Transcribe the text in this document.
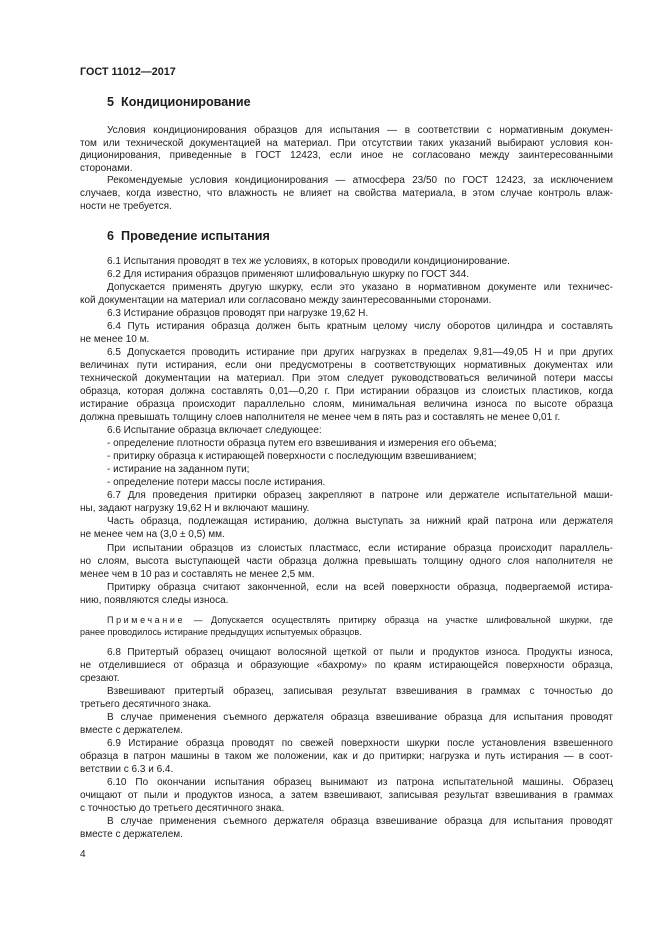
ГОСТ 11012—2017
5 Кондиционирование
Условия кондиционирования образцов для испытания — в соответствии с нормативным докумен-
том или технической документацией на материал. При отсутствии таких указаний выбирают условия кон-
диционирования, приведенные в ГОСТ 12423, если иное не согласовано между заинтересованными
сторонами.
Рекомендуемые условия кондиционирования — атмосфера 23/50 по ГОСТ 12423, за исключением
случаев, когда известно, что влажность не влияет на свойства материала, в этом случае контроль влаж-
ности не требуется.
6 Проведение испытания
6.1 Испытания проводят в тех же условиях, в которых проводили кондиционирование.
6.2 Для истирания образцов применяют шлифовальную шкурку по ГОСТ 344.
Допускается применять другую шкурку, если это указано в нормативном документе или техничес-
кой документации на материал или согласовано между заинтересованными сторонами.
6.3 Истирание образцов проводят при нагрузке 19,62 Н.
6.4 Путь истирания образца должен быть кратным целому числу оборотов цилиндра и составлять
не менее 10 м.
6.5 Допускается проводить истирание при других нагрузках в пределах 9,81—49,05 Н и при других
величинах пути истирания, если они предусмотрены в соответствующих нормативных документах или
технической документации на материал. При этом следует руководствоваться величиной потери массы
образца, которая должна составлять 0,01—0,20 г. При истирании образцов из слоистых пластиков, когда
истирание образца происходит параллельно слоям, минимальная величина износа по высоте образца
должна превышать толщину слоев наполнителя не менее чем в пять раз и составлять не менее 0,01 г.
6.6 Испытание образца включает следующее:
- определение плотности образца путем его взвешивания и измерения его объема;
- притирку образца к истирающей поверхности с последующим взвешиванием;
- истирание на заданном пути;
- определение потери массы после истирания.
6.7 Для проведения притирки образец закрепляют в патроне или держателе испытательной маши-
ны, задают нагрузку 19,62 Н и включают машину.
Часть образца, подлежащая истиранию, должна выступать за нижний край патрона или держателя
не менее чем на (3,0 ± 0,5) мм.
При испытании образцов из слоистых пластмасс, если истирание образца происходит параллель-
но слоям, высота выступающей части образца должна превышать толщину одного слоя наполнителя не
менее чем в 10 раз и составлять не менее 2,5 мм.
Притирку образца считают законченной, если на всей поверхности образца, подвергаемой истира-
нию, появляются следы износа.
Примечание — Допускается осуществлять притирку образца на участке шлифовальной шкурки, где
ранее проводилось истирание предыдущих испытуемых образцов.
6.8 Притертый образец очищают волосяной щеткой от пыли и продуктов износа. Продукты износа,
не отделившиеся от образца и образующие «бахрому» по краям истирающейся поверхности образца,
срезают.
Взвешивают притертый образец, записывая результат взвешивания в граммах с точностью до
третьего десятичного знака.
В случае применения съемного держателя образца взвешивание образца для испытания проводят
вместе с держателем.
6.9 Истирание образца проводят по свежей поверхности шкурки после установления взвешенного
образца в патрон машины в таком же положении, как и до притирки; нагрузка и путь истирания — в соот-
ветствии с 6.3 и 6.4.
6.10 По окончании испытания образец вынимают из патрона испытательной машины. Образец
очищают от пыли и продуктов износа, а затем взвешивают, записывая результат взвешивания в граммах
с точностью до третьего десятичного знака.
В случае применения съемного держателя образца взвешивание образца для испытания проводят
вместе с держателем.
4
